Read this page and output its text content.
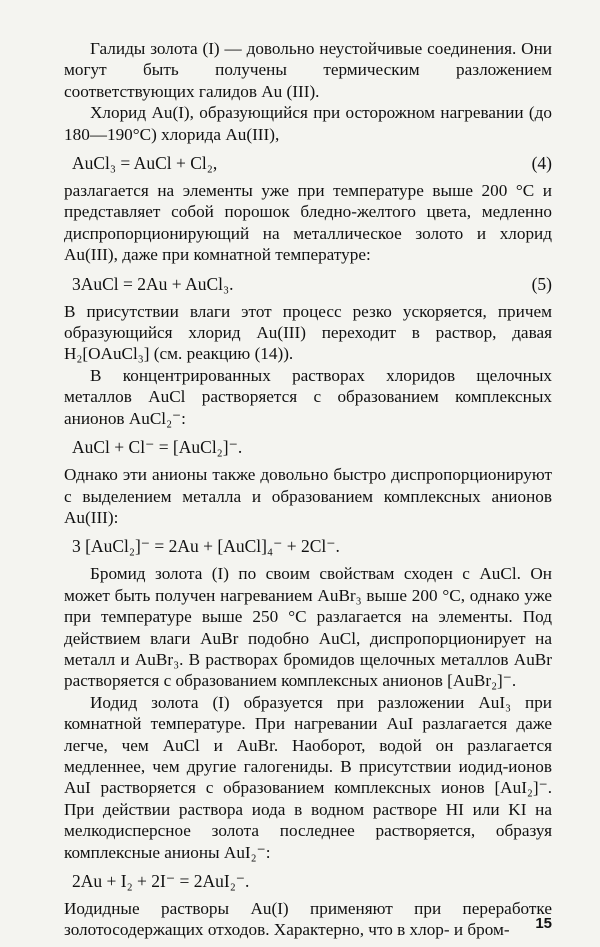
Галиды золота (I) — довольно неустойчивые соединения. Они могут быть получены термическим разложением соответствующих галидов Au (III).

Хлорид Au(I), образующийся при осторожном нагревании (до 180—190°C) хлорида Au(III),

AuCl₃ = AuCl + Cl₂,	(4)

разлагается на элементы уже при температуре выше 200 °C и представляет собой порошок бледно-желтого цвета, медленно диспропорционирующий на металлическое золото и хлорид Au(III), даже при комнатной температуре:

3AuCl = 2Au + AuCl₃.	(5)

В присутствии влаги этот процесс резко ускоряется, причем образующийся хлорид Au(III) переходит в раствор, давая H₂[OAuCl₃] (см. реакцию (14)).

В концентрированных растворах хлоридов щелочных металлов AuCl растворяется с образованием комплексных анионов AuCl₂⁻:

AuCl + Cl⁻ = [AuCl₂]⁻.

Однако эти анионы также довольно быстро диспропорционируют с выделением металла и образованием комплексных анионов Au(III):

3 [AuCl₂]⁻ = 2Au + [AuCl]₄⁻ + 2Cl⁻.

Бромид золота (I) по своим свойствам сходен с AuCl. Он может быть получен нагреванием AuBr₃ выше 200 °C, однако уже при температуре выше 250 °C разлагается на элементы. Под действием влаги AuBr подобно AuCl, диспропорционирует на металл и AuBr₃. В растворах бромидов щелочных металлов AuBr растворяется с образованием комплексных анионов [AuBr₂]⁻.

Иодид золота (I) образуется при разложении AuI₃ при комнатной температуре. При нагревании AuI разлагается даже легче, чем AuCl и AuBr. Наоборот, водой он разлагается медленнее, чем другие галогениды. В присутствии иодид-ионов AuI растворяется с образованием комплексных ионов [AuI₂]⁻. При действии раствора иода в водном растворе HI или KI на мелкодисперсное золота последнее растворяется, образуя комплексные анионы AuI₂⁻:

2Au + I₂ + 2I⁻ = 2AuI₂⁻.

Иодидные растворы Au(I) применяют при переработке золотосодержащих отходов. Характерно, что в хлор- и бром-	15
